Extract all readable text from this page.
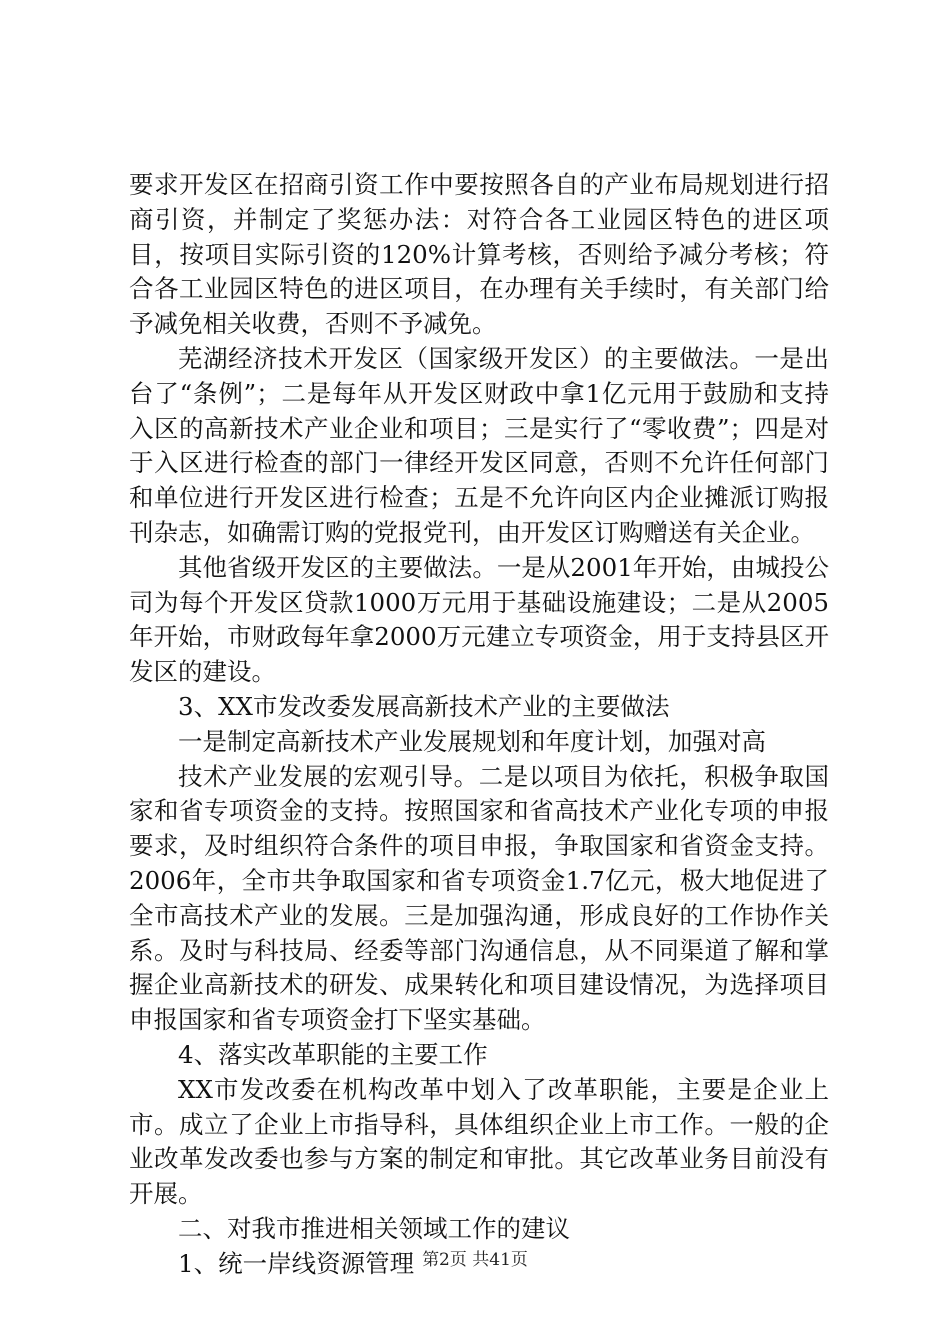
要求开发区在招商引资工作中要按照各自的产业布局规划进行招商引资，并制定了奖惩办法：对符合各工业园区特色的进区项目，按项目实际引资的120%计算考核，否则给予减分考核；符合各工业园区特色的进区项目，在办理有关手续时，有关部门给予减免相关收费，否则不予减免。

芜湖经济技术开发区（国家级开发区）的主要做法。一是出台了“条例”；二是每年从开发区财政中拿1亿元用于鼓励和支持入区的高新技术产业企业和项目；三是实行了“零收费”；四是对于入区进行检查的部门一律经开发区同意，否则不允许任何部门和单位进行开发区进行检查；五是不允许向区内企业摊派订购报刊杂志，如确需订购的党报党刊，由开发区订购赠送有关企业。

其他省级开发区的主要做法。一是从2001年开始，由城投公司为每个开发区贷款1000万元用于基础设施建设；二是从2005年开始，市财政每年拿2000万元建立专项资金，用于支持县区开发区的建设。

3、XX市发改委发展高新技术产业的主要做法

一是制定高新技术产业发展规划和年度计划，加强对高

技术产业发展的宏观引导。二是以项目为依托，积极争取国家和省专项资金的支持。按照国家和省高技术产业化专项的申报要求，及时组织符合条件的项目申报，争取国家和省资金支持。2006年，全市共争取国家和省专项资金1.7亿元，极大地促进了全市高技术产业的发展。三是加强沟通，形成良好的工作协作关系。及时与科技局、经委等部门沟通信息，从不同渠道了解和掌握企业高新技术的研发、成果转化和项目建设情况，为选择项目申报国家和省专项资金打下坚实基础。

4、落实改革职能的主要工作

XX市发改委在机构改革中划入了改革职能，主要是企业上市。成立了企业上市指导科，具体组织企业上市工作。一般的企业改革发改委也参与方案的制定和审批。其它改革业务目前没有开展。

二、对我市推进相关领域工作的建议

1、统一岸线资源管理 第2页 共41页
